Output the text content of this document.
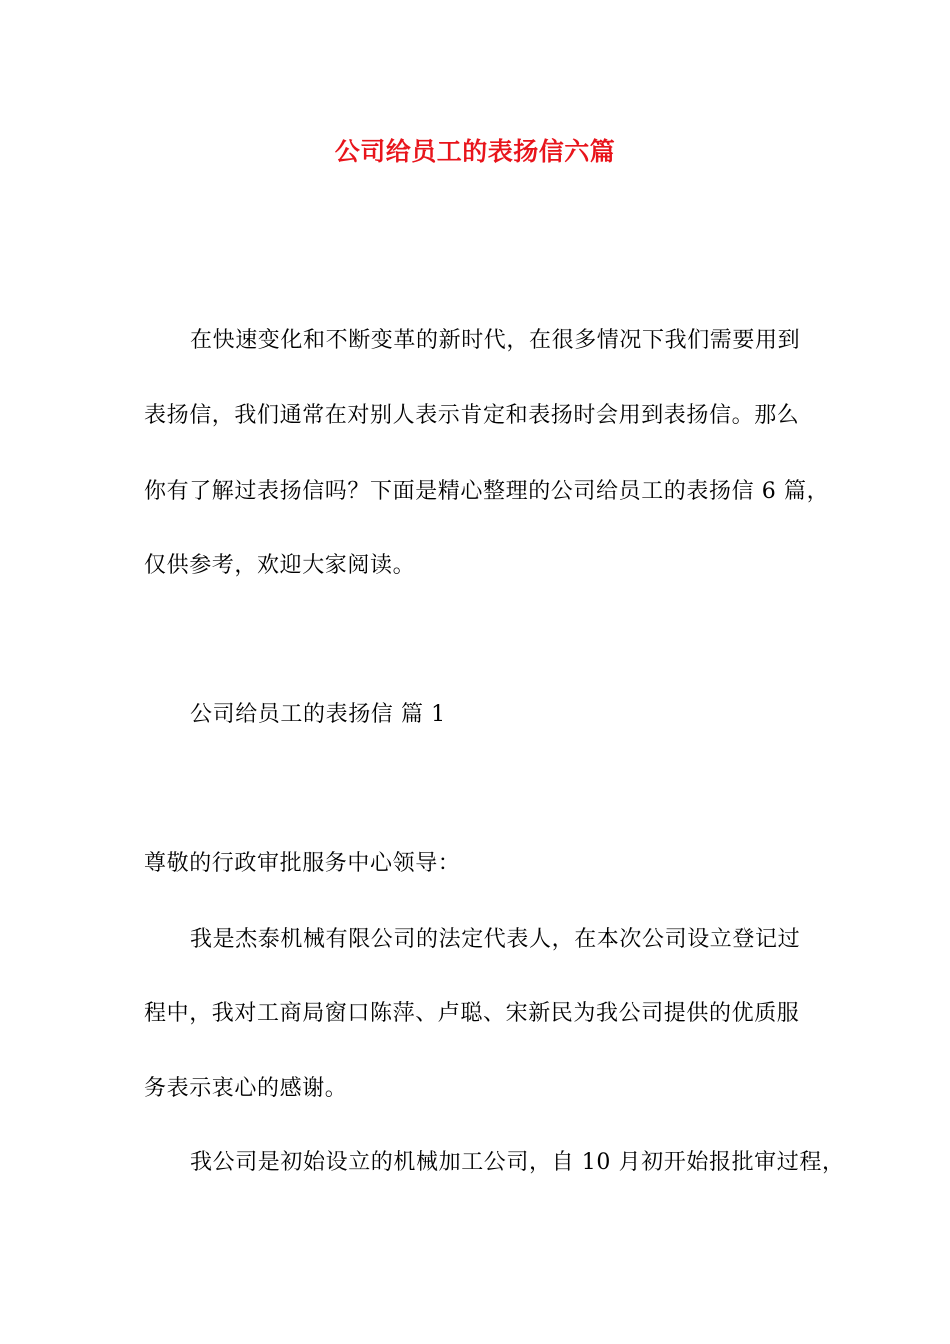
公司给员工的表扬信六篇
在快速变化和不断变革的新时代，在很多情况下我们需要用到
表扬信，我们通常在对别人表示肯定和表扬时会用到表扬信。那么
你有了解过表扬信吗？下面是精心整理的公司给员工的表扬信 6 篇，
仅供参考，欢迎大家阅读。
公司给员工的表扬信 篇 1
尊敬的行政审批服务中心领导：
我是杰泰机械有限公司的法定代表人，在本次公司设立登记过
程中，我对工商局窗口陈萍、卢聪、宋新民为我公司提供的优质服
务表示衷心的感谢。
我公司是初始设立的机械加工公司，自 10 月初开始报批审过程，
